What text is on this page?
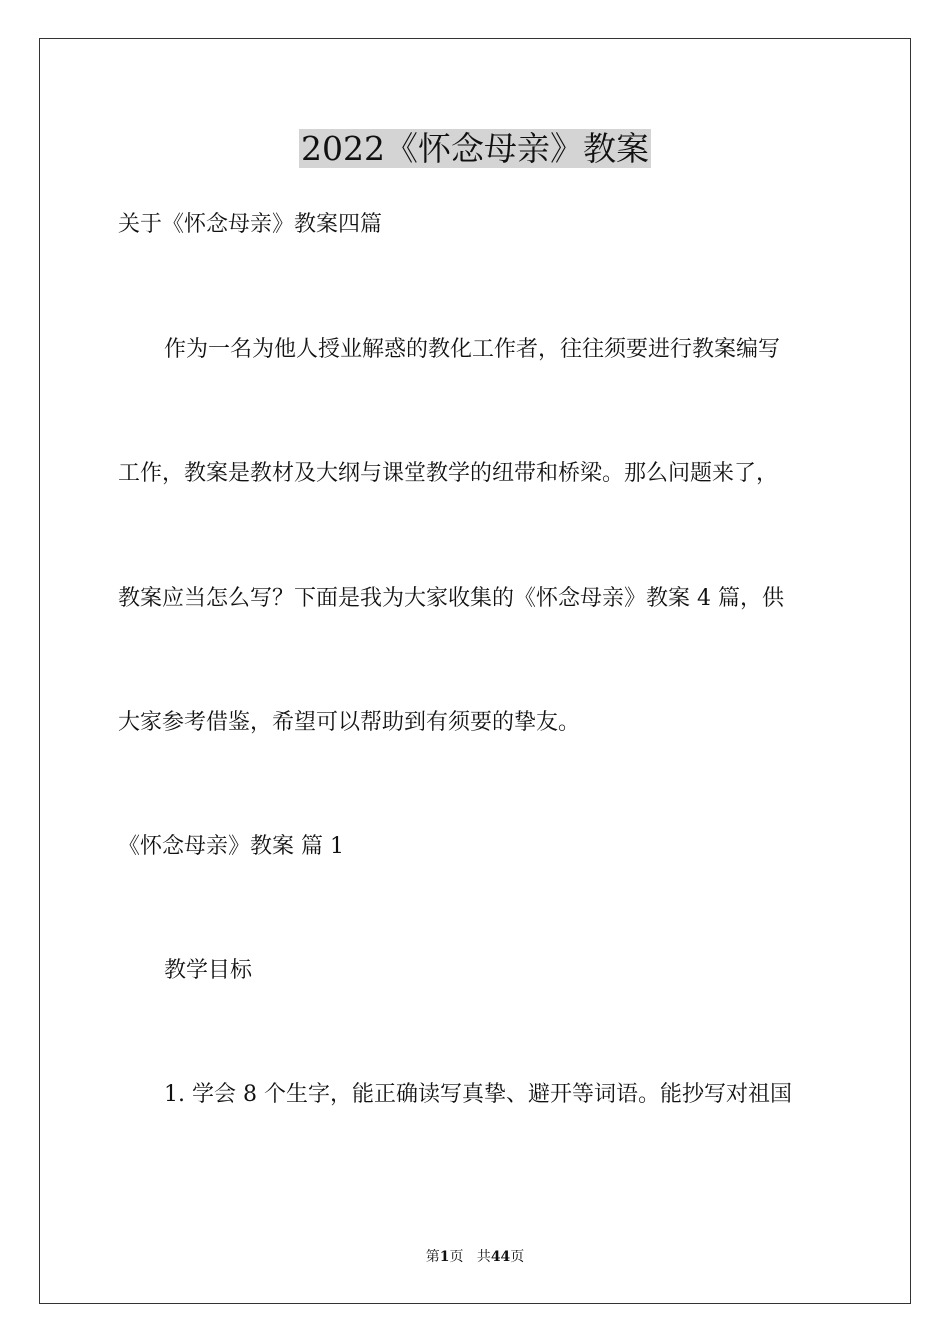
2022《怀念母亲》教案
关于《怀念母亲》教案四篇
作为一名为他人授业解惑的教化工作者，往往须要进行教案编写
工作，教案是教材及大纲与课堂教学的纽带和桥梁。那么问题来了，
教案应当怎么写？下面是我为大家收集的《怀念母亲》教案 4 篇，供
大家参考借鉴，希望可以帮助到有须要的挚友。
《怀念母亲》教案 篇 1
教学目标
1. 学会 8 个生字，能正确读写真挚、避开等词语。能抄写对祖国
第1页 共44页
